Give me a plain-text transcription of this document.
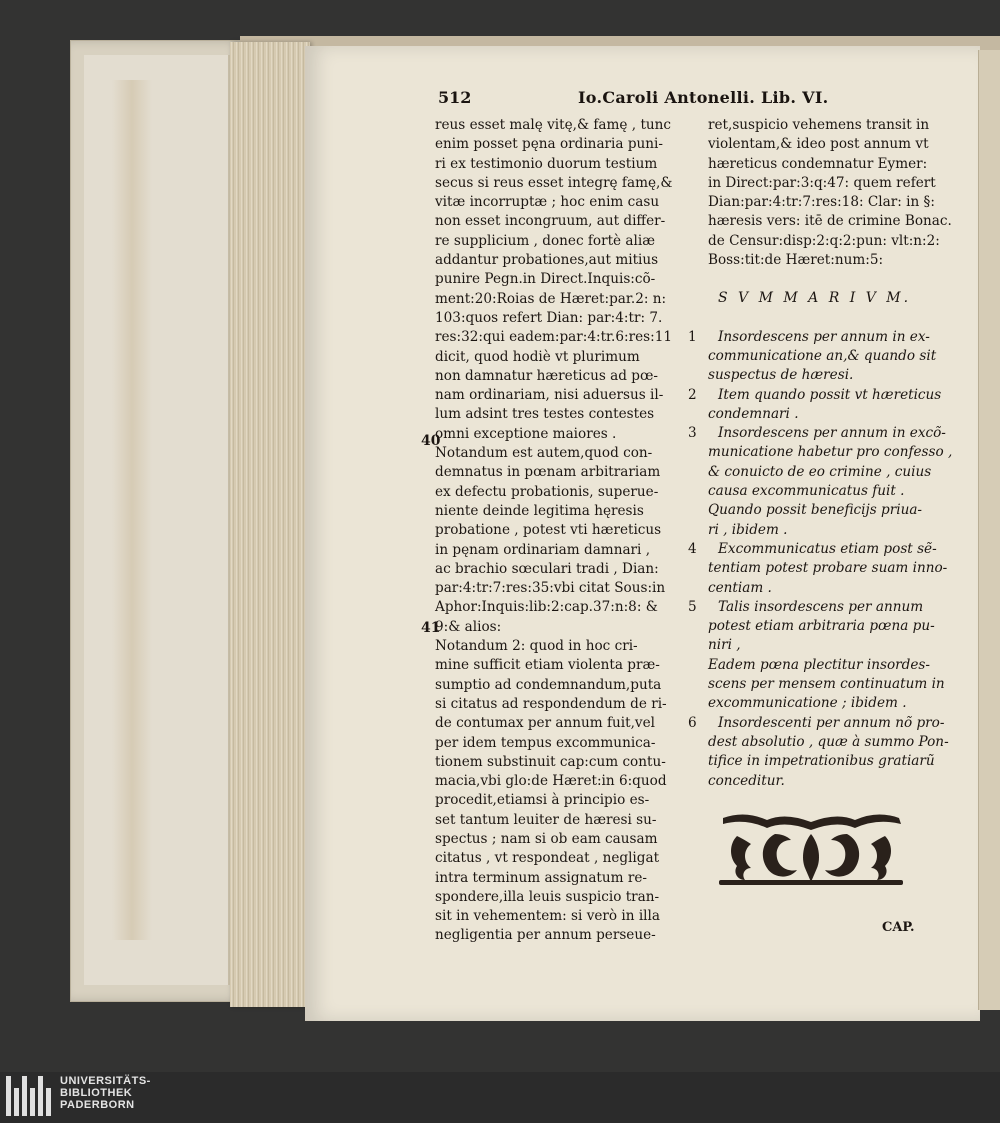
512	Io.Caroli Antonelli. Lib. VI.
reus esset malę vitę,& famę , tunc
enim posset pęna ordinaria puni-
ri ex testimonio duorum testium
secus si reus esset integrę famę,&
vitæ incorruptæ ; hoc enim casu
non esset incongruum, aut differ-
re supplicium , donec fortè aliæ
addantur probationes,aut mitius
punire Pegn.in Direct.Inquis:cõ-
ment:20:Roias de Hæret:par.2: n:
103:quos refert Dian: par:4:tr: 7.
res:32:qui eadem:par:4:tr.6:res:11
dicit, quod hodiè vt plurimum
non damnatur hæreticus ad pœ-
nam ordinariam, nisi aduersus il-
lum adsint tres testes contestes
omni exceptione maiores .
Notandum est autem,quod con-
demnatus in pœnam arbitrariam
ex defectu probationis, superue-
niente deinde legitima hęresis
probatione , potest vti hæreticus
in pęnam ordinariam damnari ,
ac brachio sœculari tradi , Dian:
par:4:tr:7:res:35:vbi citat Sous:in
Aphor:Inquis:lib:2:cap.37:n:8: &
9:& alios:
Notandum 2: quod in hoc cri-
mine sufficit etiam violenta præ-
sumptio ad condemnandum,puta
si citatus ad respondendum de ri-
de contumax per annum fuit,vel
per idem tempus excommunica-
tionem substinuit cap:cum contu-
macia,vbi glo:de Hæret:in 6:quod
procedit,etiamsi à principio es-
set tantum leuiter de hæresi su-
spectus ; nam si ob eam causam
citatus , vt respondeat , negligat
intra terminum assignatum re-
spondere,illa leuis suspicio tran-
sit in vehementem: si verò in illa
negligentia per annum perseue-
40
41
ret,suspicio vehemens transit in
violentam,& ideo post annum vt
hæreticus condemnatur Eymer:
in Direct:par:3:q:47: quem refert
Dian:par:4:tr:7:res:18: Clar: in §:
hæresis vers: itē de crimine Bonac.
de Censur:disp:2:q:2:pun: vlt:n:2:
Boss:tit:de Hæret:num:5:
S V M M A R I V M.
1	Insordescens per annum in ex-
communicatione an,& quando sit
suspectus de hæresi.
2	Item quando possit vt hæreticus
condemnari .
3	Insordescens per annum in excõ-
municatione habetur pro confesso ,
& conuicto de eo crimine , cuius
causa excommunicatus fuit .
Quando possit beneficijs priua-
ri , ibidem .
4	Excommunicatus etiam post sẽ-
tentiam potest probare suam inno-
centiam .
5	Talis insordescens per annum
potest etiam arbitraria pœna pu-
niri ,
Eadem pœna plectitur insordes-
scens per mensem continuatum in
excommunicatione ; ibidem .
6	Insordescenti per annum nõ pro-
dest absolutio , quæ à summo Pon-
tifice in impetrationibus gratiarũ
conceditur.
CAP.
UNIVERSITÄTS-
BIBLIOTHEK
PADERBORN
